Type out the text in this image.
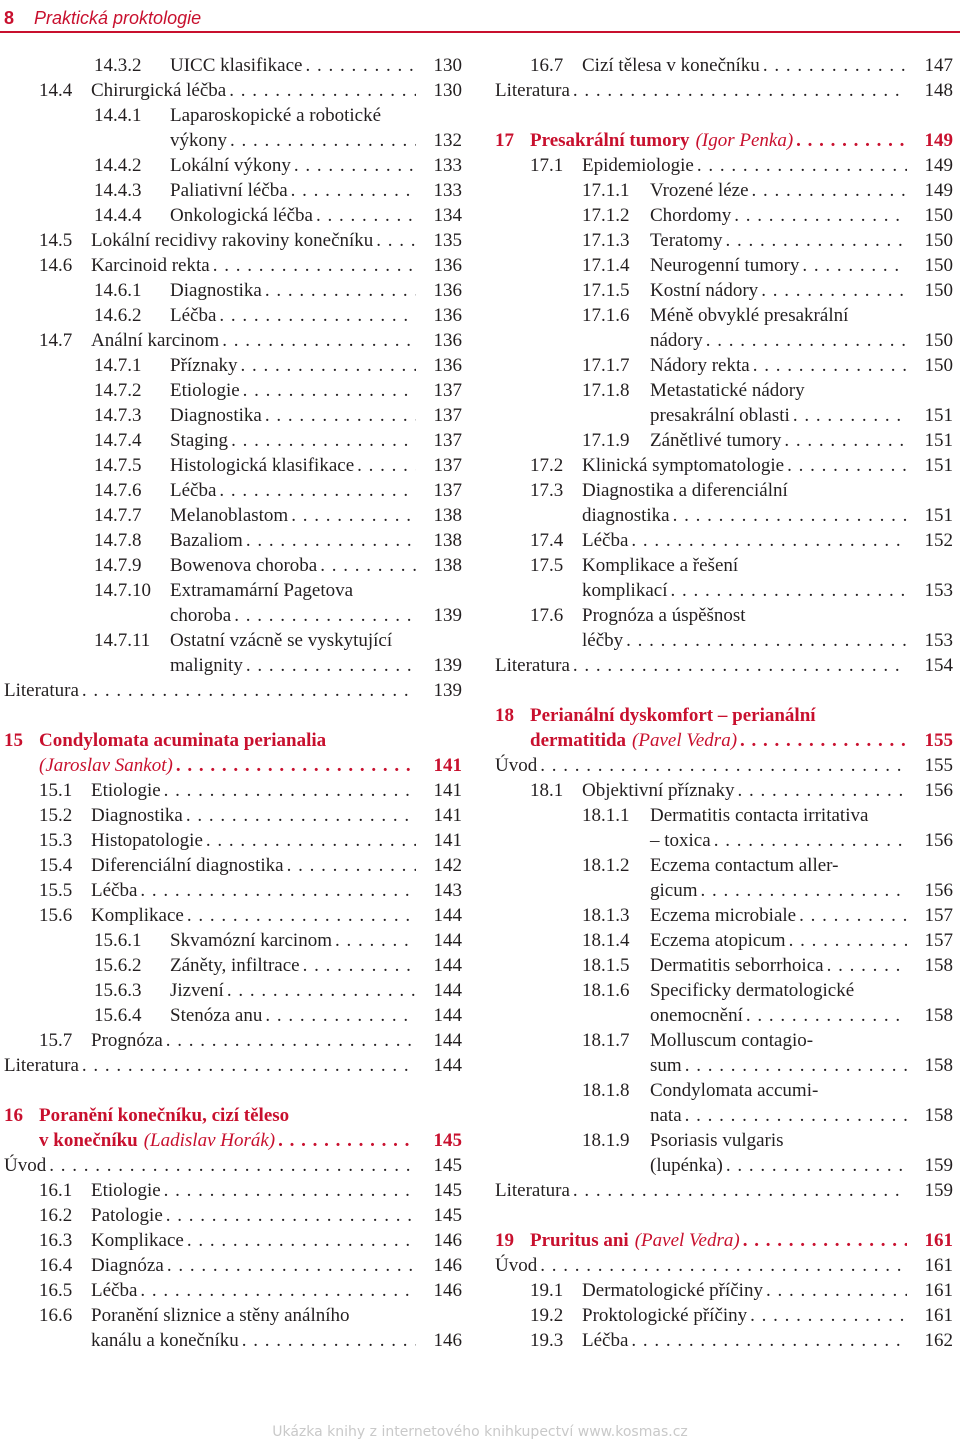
8 Praktická proktologie
14.3.2	UICC klasifikace . . .	130
14.4 Chirurgická léčba . . .	130
14.4.1	Laparoskopické a robotické
výkony . . .	132
14.4.2	Lokální výkony . . .	133
14.4.3	Paliativní léčba . . .	133
14.4.4	Onkologická léčba . . .	134
14.5 Lokální recidivy rakoviny konečníku . . .	135
14.6 Karcinoid rekta . . .	136
14.6.1	Diagnostika . . .	136
14.6.2	Léčba . . .	136
14.7 Anální karcinom . . .	136
14.7.1	Příznaky . . .	136
14.7.2	Etiologie . . .	137
14.7.3	Diagnostika . . .	137
14.7.4	Staging . . .	137
14.7.5	Histologická klasifikace . . .	137
14.7.6	Léčba . . .	137
14.7.7	Melanoblastom . . .	138
14.7.8	Bazaliom . . .	138
14.7.9	Bowenova choroba . . .	138
14.7.10	Extramamární Pagetova
choroba . . .	139
14.7.11	Ostatní vzácně se vyskytující
malignity . . .	139
Literatura . . .	139
15 Condylomata acuminata perianalia
(Jaroslav Sankot) . . .	141
15.1 Etiologie . . .	141
15.2 Diagnostika . . .	141
15.3 Histopatologie . . .	141
15.4 Diferenciální diagnostika . . .	142
15.5 Léčba . . .	143
15.6 Komplikace . . .	144
15.6.1	Skvamózní karcinom . . .	144
15.6.2	Záněty, infiltrace . . .	144
15.6.3	Jizvení . . .	144
15.6.4	Stenóza anu . . .	144
15.7 Prognóza . . .	144
Literatura . . .	144
16 Poranění konečníku, cizí těleso
v konečníku (Ladislav Horák) . . .	145
Úvod . . .	145
16.1 Etiologie . . .	145
16.2 Patologie . . .	145
16.3 Komplikace . . .	146
16.4 Diagnóza . . .	146
16.5 Léčba . . .	146
16.6 Poranění sliznice a stěny análního
kanálu a konečníku . . .	146
16.7 Cizí tělesa v konečníku . . .	147
Literatura . . .	148
17 Presakrální tumory (Igor Penka) . . .	149
17.1 Epidemiologie . . .	149
17.1.1	Vrozené léze . . .	149
17.1.2	Chordomy . . .	150
17.1.3	Teratomy . . .	150
17.1.4	Neurogenní tumory . . .	150
17.1.5	Kostní nádory . . .	150
17.1.6	Méně obvyklé presakrální
nádory . . .	150
17.1.7	Nádory rekta . . .	150
17.1.8	Metastatické nádory
presakrální oblasti . . .	151
17.1.9	Zánětlivé tumory . . .	151
17.2 Klinická symptomatologie . . .	151
17.3 Diagnostika a diferenciální
diagnostika . . .	151
17.4 Léčba . . .	152
17.5 Komplikace a řešení
komplikací . . .	153
17.6 Prognóza a úspěšnost
léčby . . .	153
Literatura . . .	154
18 Perianální dyskomfort – perianální
dermatitida (Pavel Vedra) . . .	155
Úvod . . .	155
18.1 Objektivní příznaky . . .	156
18.1.1	Dermatitis contacta irritativa
– toxica . . .	156
18.1.2	Eczema contactum aller-
gicum . . .	156
18.1.3	Eczema microbiale . . .	157
18.1.4	Eczema atopicum . . .	157
18.1.5	Dermatitis seborrhoica . . .	158
18.1.6	Specificky dermatologické
onemocnění . . .	158
18.1.7	Molluscum contagio-
sum . . .	158
18.1.8	Condylomata accumi-
nata . . .	158
18.1.9	Psoriasis vulgaris
(lupénka) . . .	159
Literatura . . .	159
19 Pruritus ani (Pavel Vedra) . . .	161
Úvod . . .	161
19.1 Dermatologické příčiny . . .	161
19.2 Proktologické příčiny . . .	161
19.3 Léčba . . .	162
Ukázka knihy z internetového knihkupectví www.kosmas.cz
